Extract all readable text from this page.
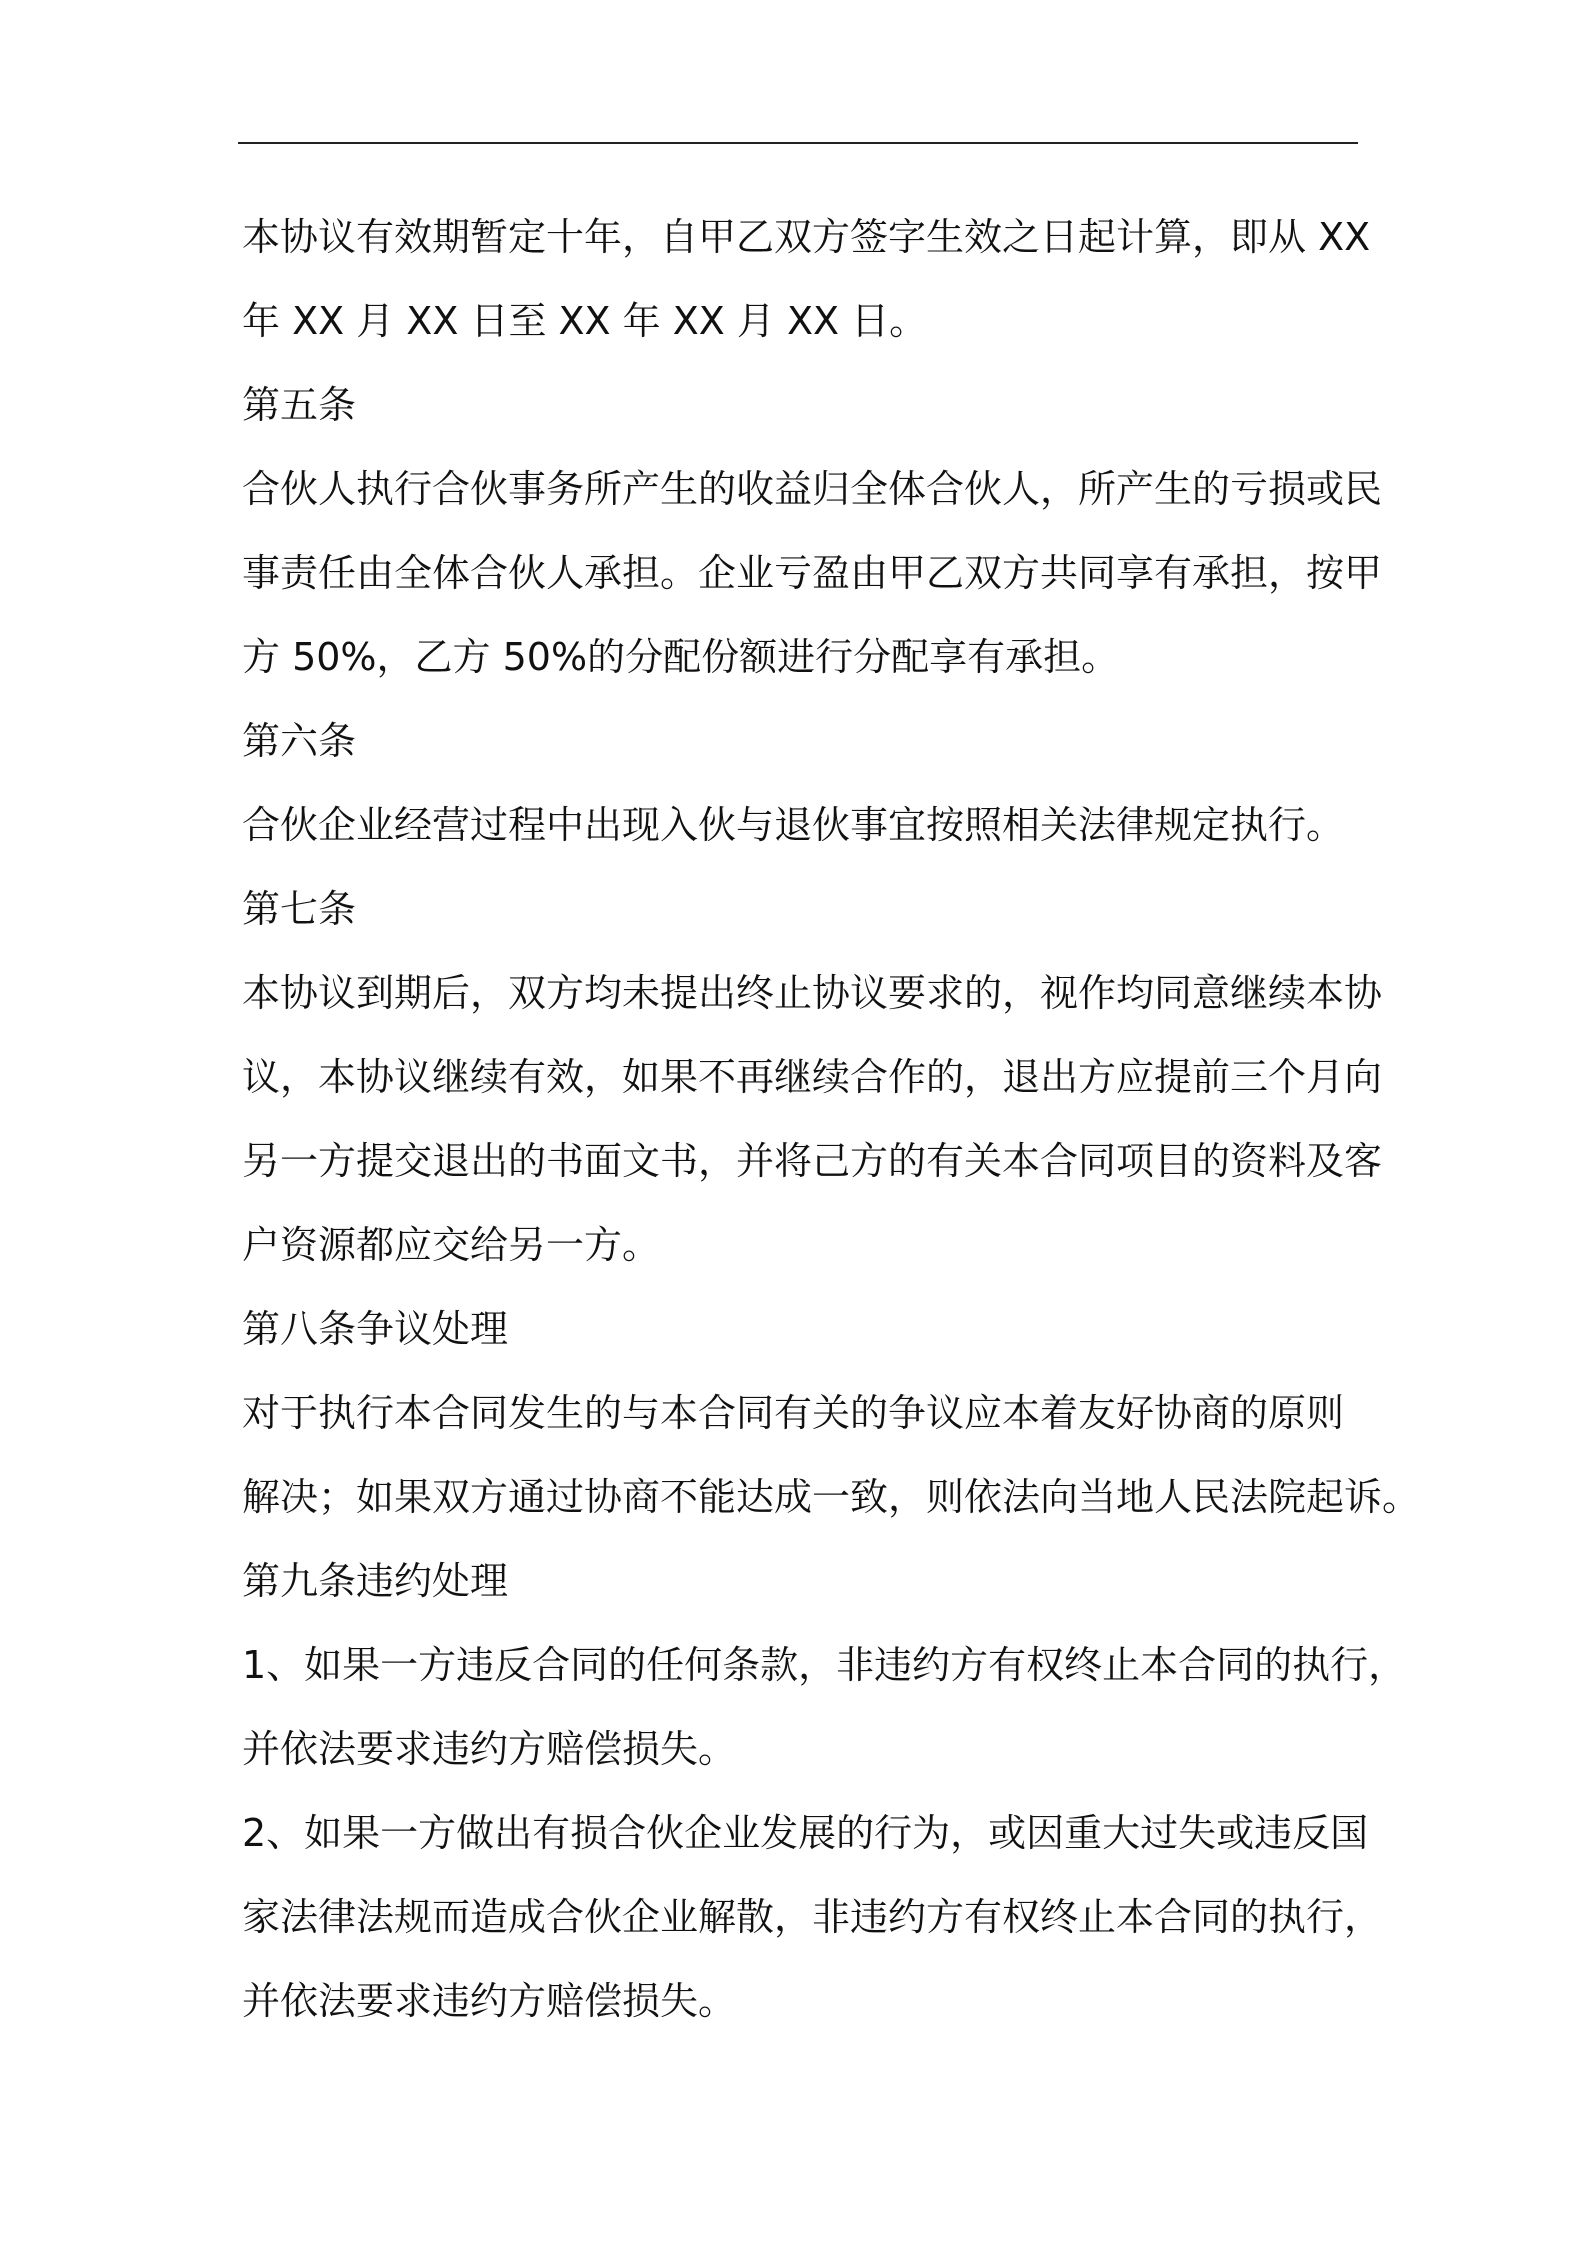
本协议有效期暂定十年，自甲乙双方签字生效之日起计算，即从 XX
年 XX 月 XX 日至 XX 年 XX 月 XX 日。
第五条
合伙人执行合伙事务所产生的收益归全体合伙人，所产生的亏损或民
事责任由全体合伙人承担。企业亏盈由甲乙双方共同享有承担，按甲
方 50%，乙方 50%的分配份额进行分配享有承担。
第六条
合伙企业经营过程中出现入伙与退伙事宜按照相关法律规定执行。
第七条
本协议到期后，双方均未提出终止协议要求的，视作均同意继续本协
议，本协议继续有效，如果不再继续合作的，退出方应提前三个月向
另一方提交退出的书面文书，并将己方的有关本合同项目的资料及客
户资源都应交给另一方。
第八条争议处理
对于执行本合同发生的与本合同有关的争议应本着友好协商的原则
解决；如果双方通过协商不能达成一致，则依法向当地人民法院起诉。
第九条违约处理
1、如果一方违反合同的任何条款，非违约方有权终止本合同的执行，
并依法要求违约方赔偿损失。
2、如果一方做出有损合伙企业发展的行为，或因重大过失或违反国
家法律法规而造成合伙企业解散，非违约方有权终止本合同的执行，
并依法要求违约方赔偿损失。
